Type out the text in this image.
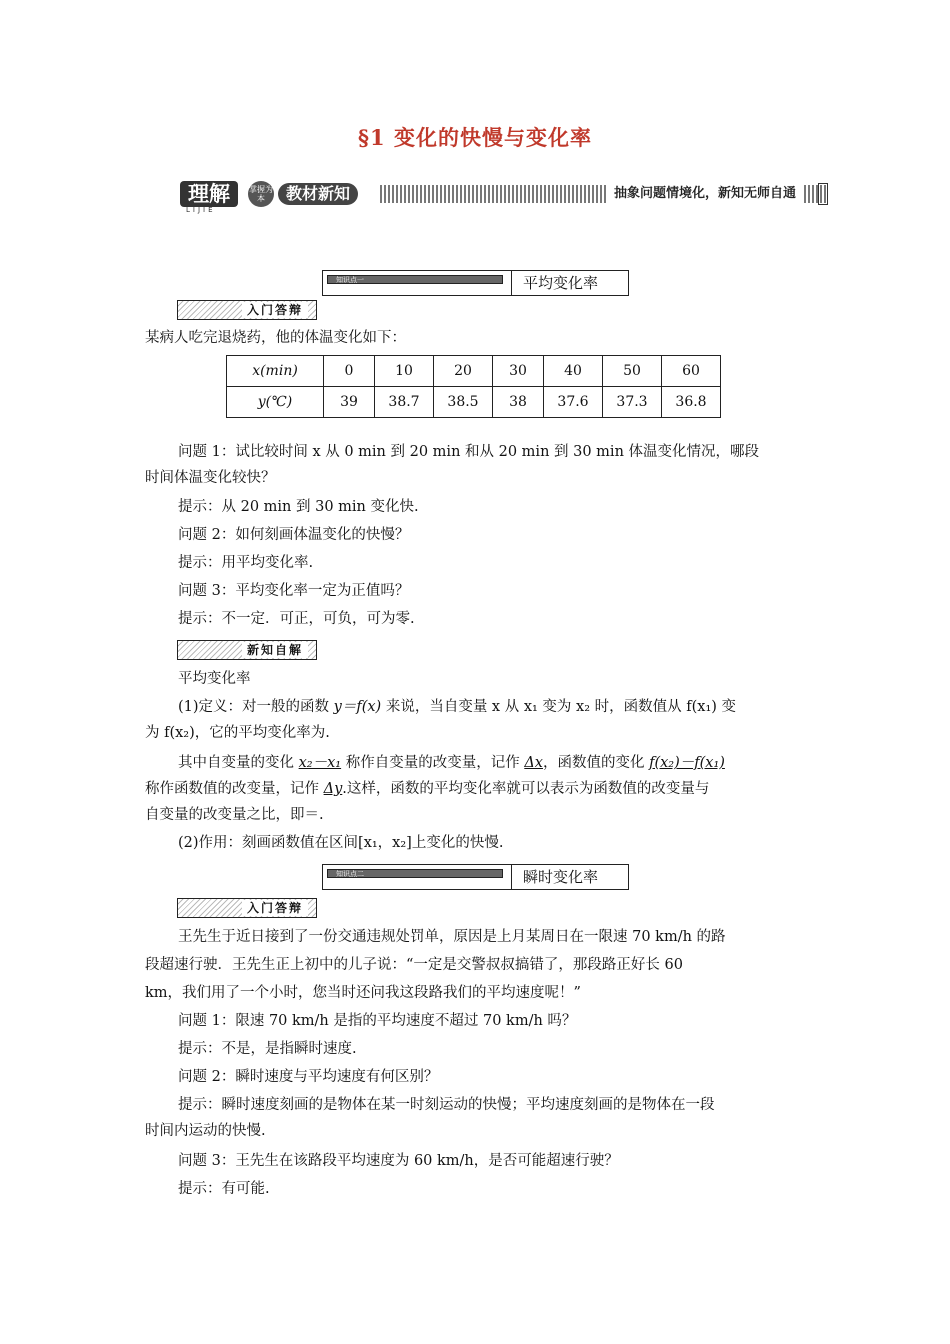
§1 变化的快慢与变化率
理解	掌握为本	教材新知
LIJIE
抽象问题情境化，新知无师自通
知识点一	平均变化率
入门答辩
某病人吃完退烧药，他的体温变化如下：
x(min)	0	10	20	30	40	50	60
y(℃)	39	38.7	38.5	38	37.6	37.3	36.8
问题 1：试比较时间 x 从 0 min 到 20 min 和从 20 min 到 30 min 体温变化情况，哪段
时间体温变化较快？
提示：从 20 min 到 30 min 变化快.
问题 2：如何刻画体温变化的快慢？
提示：用平均变化率.
问题 3：平均变化率一定为正值吗？
提示：不一定．可正，可负，可为零.
新知自解
平均变化率
(1)定义：对一般的函数 y＝f(x) 来说，当自变量 x 从 x₁ 变为 x₂ 时，函数值从 f(x₁) 变
为 f(x₂)，它的平均变化率为.
其中自变量的变化 x₂－x₁ 称作自变量的改变量，记作 Δx，函数值的变化 f(x₂)－f(x₁)
称作函数值的改变量，记作 Δy.这样，函数的平均变化率就可以表示为函数值的改变量与
自变量的改变量之比，即＝.
(2)作用：刻画函数值在区间[x₁，x₂]上变化的快慢.
知识点二	瞬时变化率
入门答辩
王先生于近日接到了一份交通违规处罚单，原因是上月某周日在一限速 70 km/h 的路
段超速行驶．王先生正上初中的儿子说：“一定是交警叔叔搞错了，那段路正好长 60
km，我们用了一个小时，您当时还问我这段路我们的平均速度呢！”
问题 1：限速 70 km/h 是指的平均速度不超过 70 km/h 吗？
提示：不是，是指瞬时速度.
问题 2：瞬时速度与平均速度有何区别？
提示：瞬时速度刻画的是物体在某一时刻运动的快慢；平均速度刻画的是物体在一段
时间内运动的快慢.
问题 3：王先生在该路段平均速度为 60 km/h，是否可能超速行驶？
提示：有可能.
